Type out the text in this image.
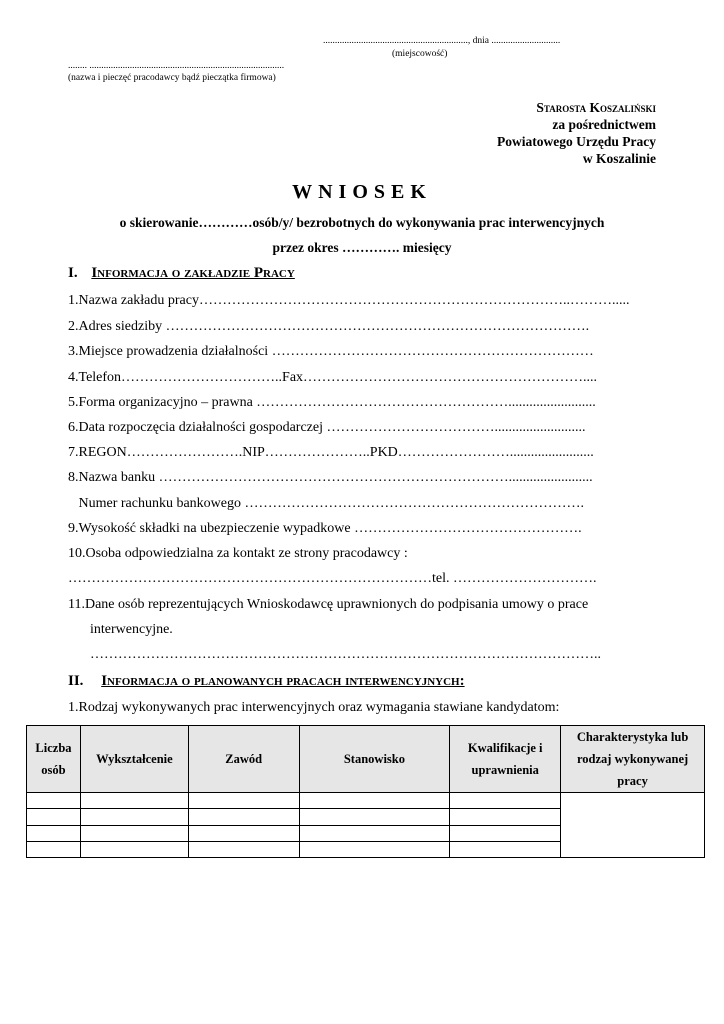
............................................................., dnia .............................
(miejscowość)
........ ..................................................................................
(nazwa i pieczęć pracodawcy bądź pieczątka firmowa)
Starosta Koszaliński
za pośrednictwem
Powiatowego Urzędu Pracy
w Koszalinie
WNIOSEK
o skierowanie…………osób/y/ bezrobotnych do wykonywania prac interwencyjnych
przez okres …………. miesięcy
I. Informacja o zakładzie Pracy
1.Nazwa zakładu pracy……………………………………………………………………..……….....
2.Adres siedziby ……………………………………………………………………………….
3.Miejsce prowadzenia działalności ……………………………………………………………
4.Telefon……………………………..Fax……………………………………………………....
5.Forma organizacyjno – prawna ……………………………………………….........................
6.Data rozpoczęcia działalności gospodarczej ………………………………..........................
7.REGON…………………….NIP…………………..PKD……………………........................
8.Nazwa banku …………………………………………………………………........................
Numer rachunku bankowego ……………………………………………………………….
9.Wysokość składki na ubezpieczenie wypadkowe ………………………………………….
10.Osoba odpowiedzialna za kontakt ze strony pracodawcy :
……………………………………………………………………tel. ………………………….
11.Dane osób reprezentujących Wnioskodawcę uprawnionych do podpisania umowy o prace
interwencyjne.
………………………………………………………………………………………………..
II. Informacja o planowanych pracach interwencyjnych:
1.Rodzaj wykonywanych prac interwencyjnych oraz wymagania stawiane kandydatom:
Liczba osób	Wykształcenie	Zawód	Stanowisko	Kwalifikacje i uprawnienia	Charakterystyka lub rodzaj wykonywanej pracy
